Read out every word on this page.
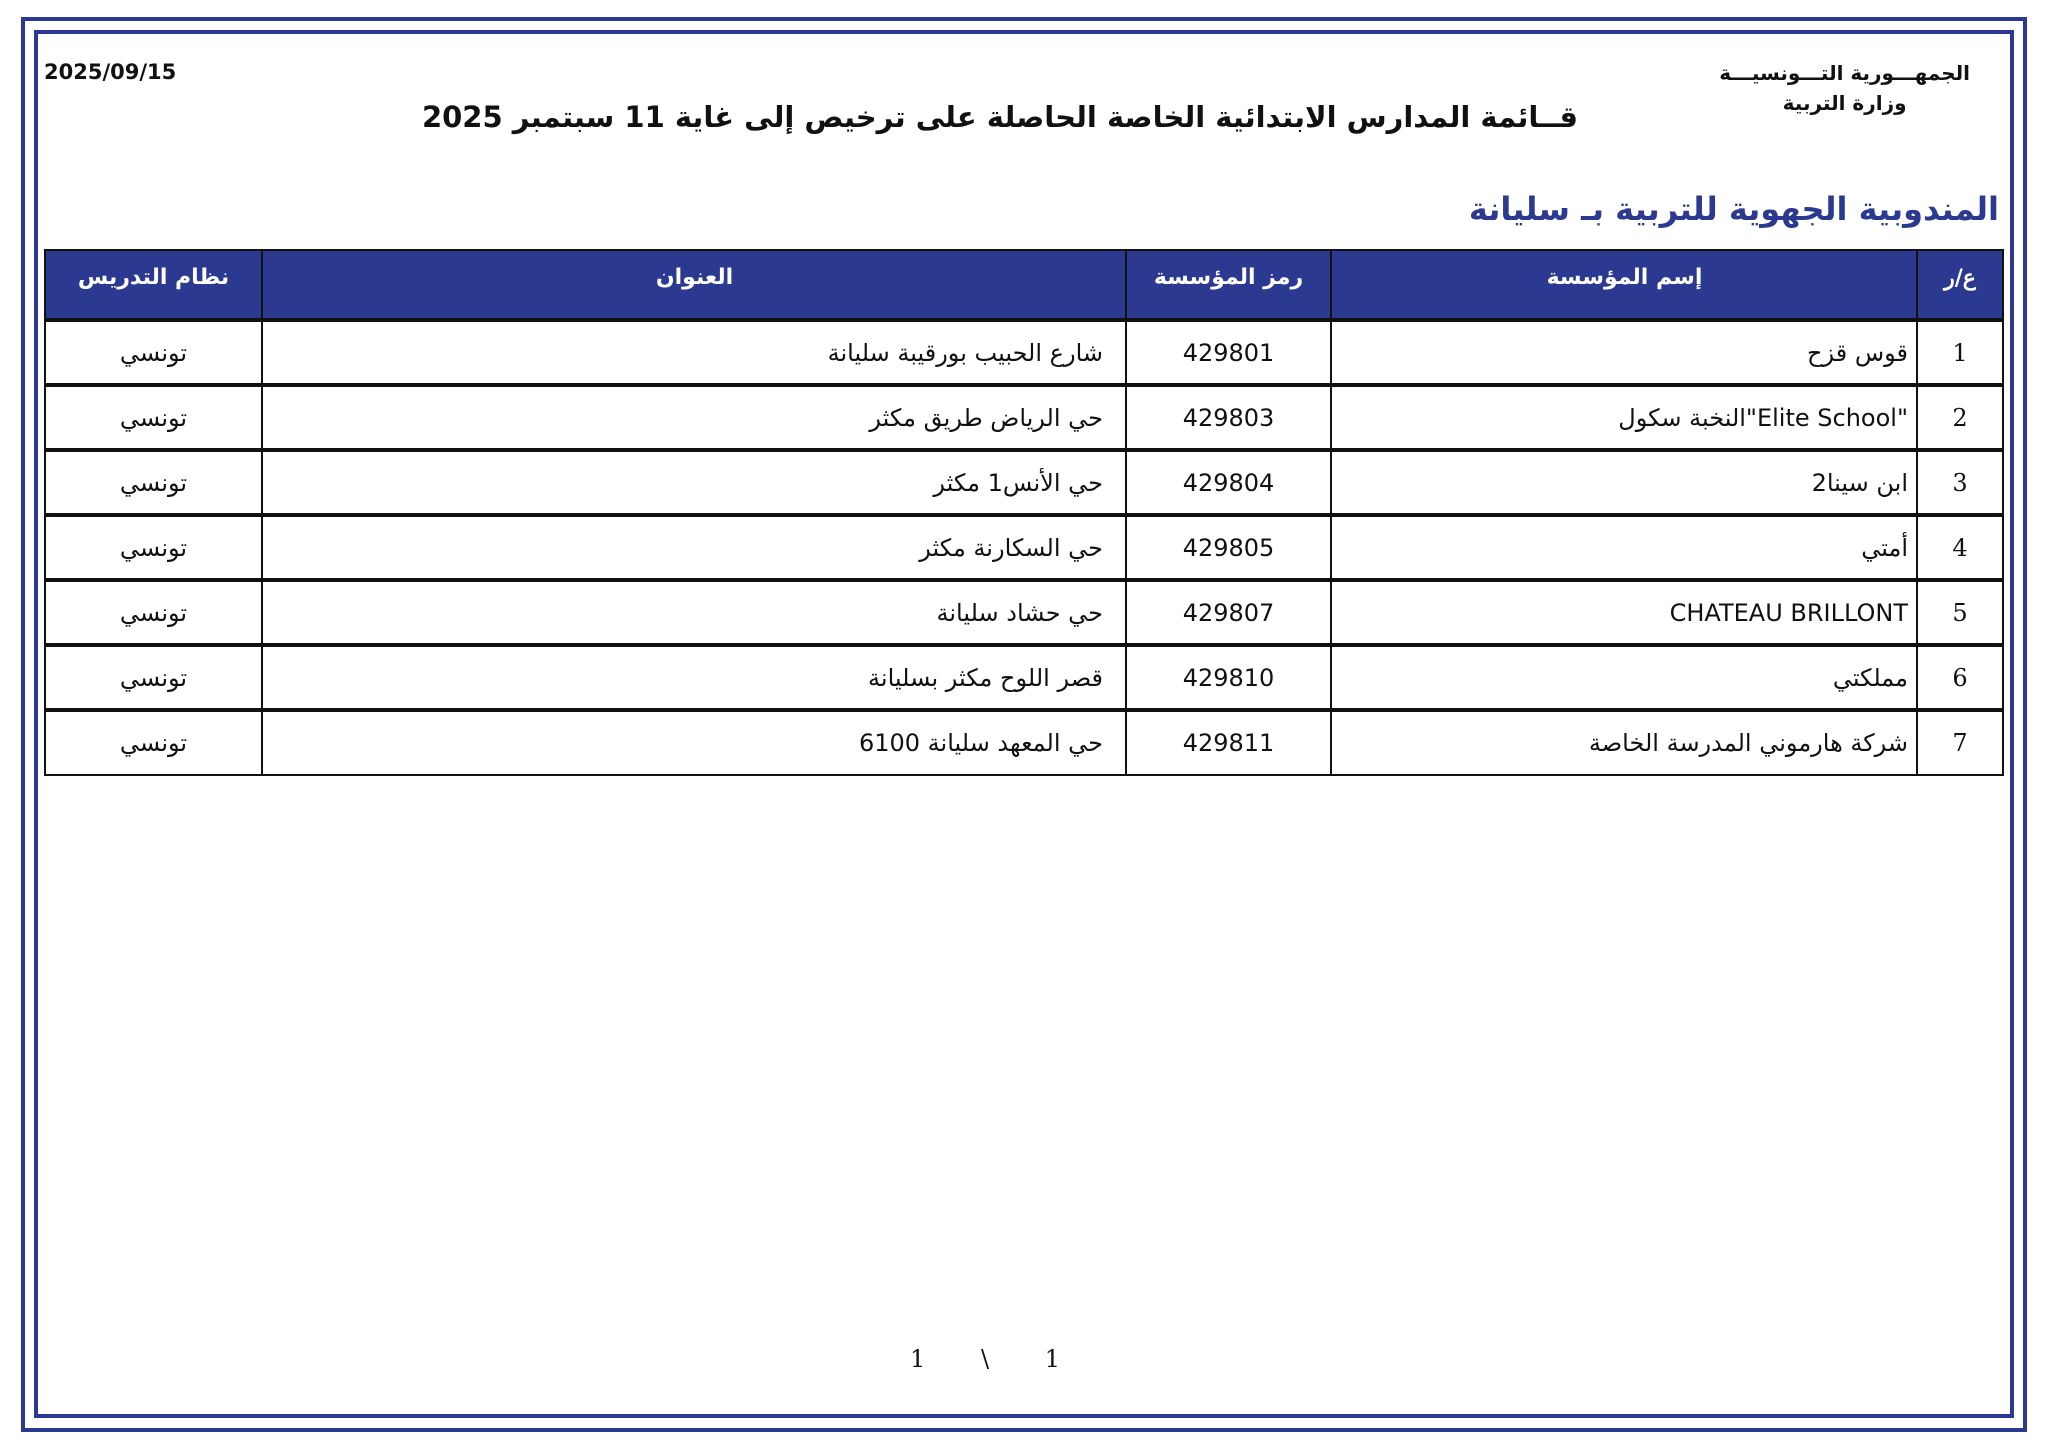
2025/09/15	الجمهـــورية التـــونسيـــة
وزارة التربية
قــائمة المدارس الابتدائية الخاصة الحاصلة على ترخيص إلى غاية 11 سبتمبر 2025
المندوبية الجهوية للتربية بـ سليانة
ع/ر	إسم المؤسسة	رمز المؤسسة	العنوان	نظام التدريس
1	قوس قزح	429801	شارع الحبيب بورقيبة سليانة	تونسي
2	"Elite School"النخبة سكول	429803	حي الرياض طريق مكثر	تونسي
3	ابن سينا2	429804	حي الأنس1 مكثر	تونسي
4	أمتي	429805	حي السكارنة مكثر	تونسي
5	CHATEAU BRILLONT	429807	حي حشاد سليانة	تونسي
6	مملكتي	429810	قصر اللوح مكثر بسليانة	تونسي
7	شركة هارموني المدرسة الخاصة	429811	حي المعهد سليانة 6100	تونسي
1 \ 1
